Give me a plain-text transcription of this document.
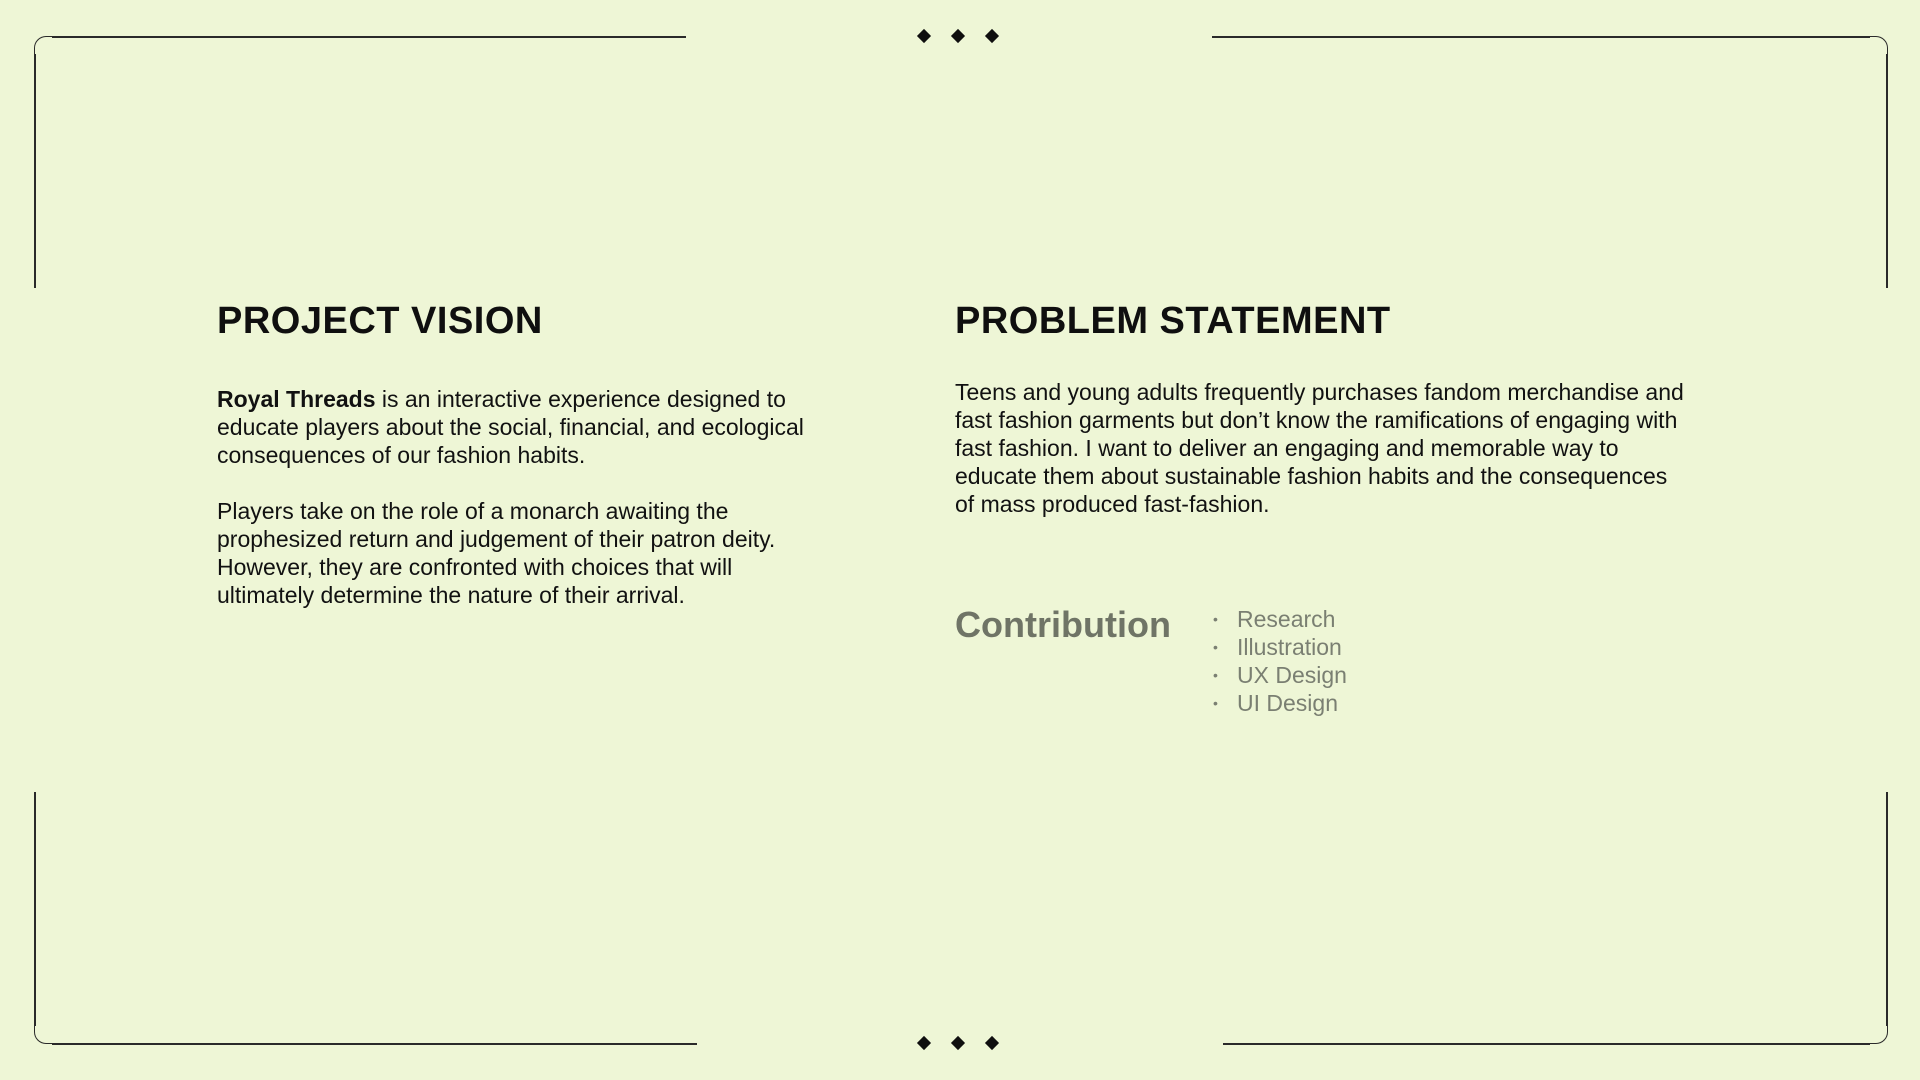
PROJECT VISION

Royal Threads is an interactive experience designed to educate players about the social, financial, and ecological consequences of our fashion habits.

Players take on the role of a monarch awaiting the prophesized return and judgement of their patron deity. However, they are confronted with choices that will ultimately determine the nature of their arrival.

PROBLEM STATEMENT

Teens and young adults frequently purchases fandom merchandise and fast fashion garments but don’t know the ramifications of engaging with fast fashion. I want to deliver an engaging and memorable way to educate them about sustainable fashion habits and the consequences of mass produced fast-fashion.

Contribution	• Research
• Illustration
• UX Design
• UI Design
